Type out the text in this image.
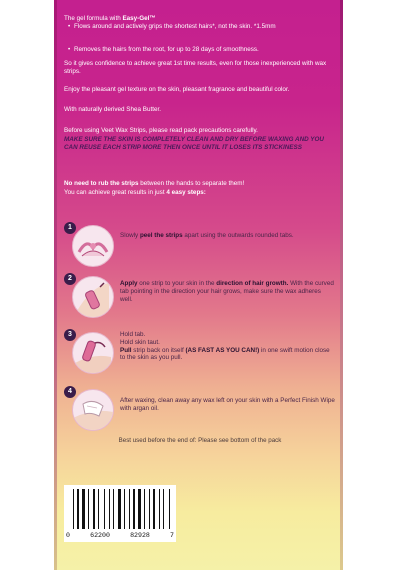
The gel formula with Easy-Gel™
• Flows around and actively grips the shortest hairs*, not the skin. *1.5mm
• Removes the hairs from the root, for up to 28 days of smoothness.
So it gives confidence to achieve great 1st time results, even for those inexperienced with wax strips.
Enjoy the pleasant gel texture on the skin, pleasant fragrance and beautiful color.
With naturally derived Shea Butter.
Before using Veet Wax Strips, please read pack precautions carefully.
MAKE SURE THE SKIN IS COMPLETELY CLEAN AND DRY BEFORE WAXING AND YOU CAN REUSE EACH STRIP MORE THEN ONCE UNTIL IT LOSES ITS STICKINESS
No need to rub the strips between the hands to separate them!
You can achieve great results in just 4 easy steps:
1
Slowly peel the strips apart using the outwards rounded tabs.
2
Apply one strip to your skin in the direction of hair growth. With the curved tab pointing in the direction your hair grows, make sure the wax adheres well.
3	Hold tab.
Hold skin taut.
Pull strip back on itself (AS FAST AS YOU CAN!) in one swift motion close to the skin as you pull.
4
After waxing, clean away any wax left on your skin with a Perfect Finish Wipe with argan oil.
Best used before the end of: Please see bottom of the pack
0	62200	82928	7
